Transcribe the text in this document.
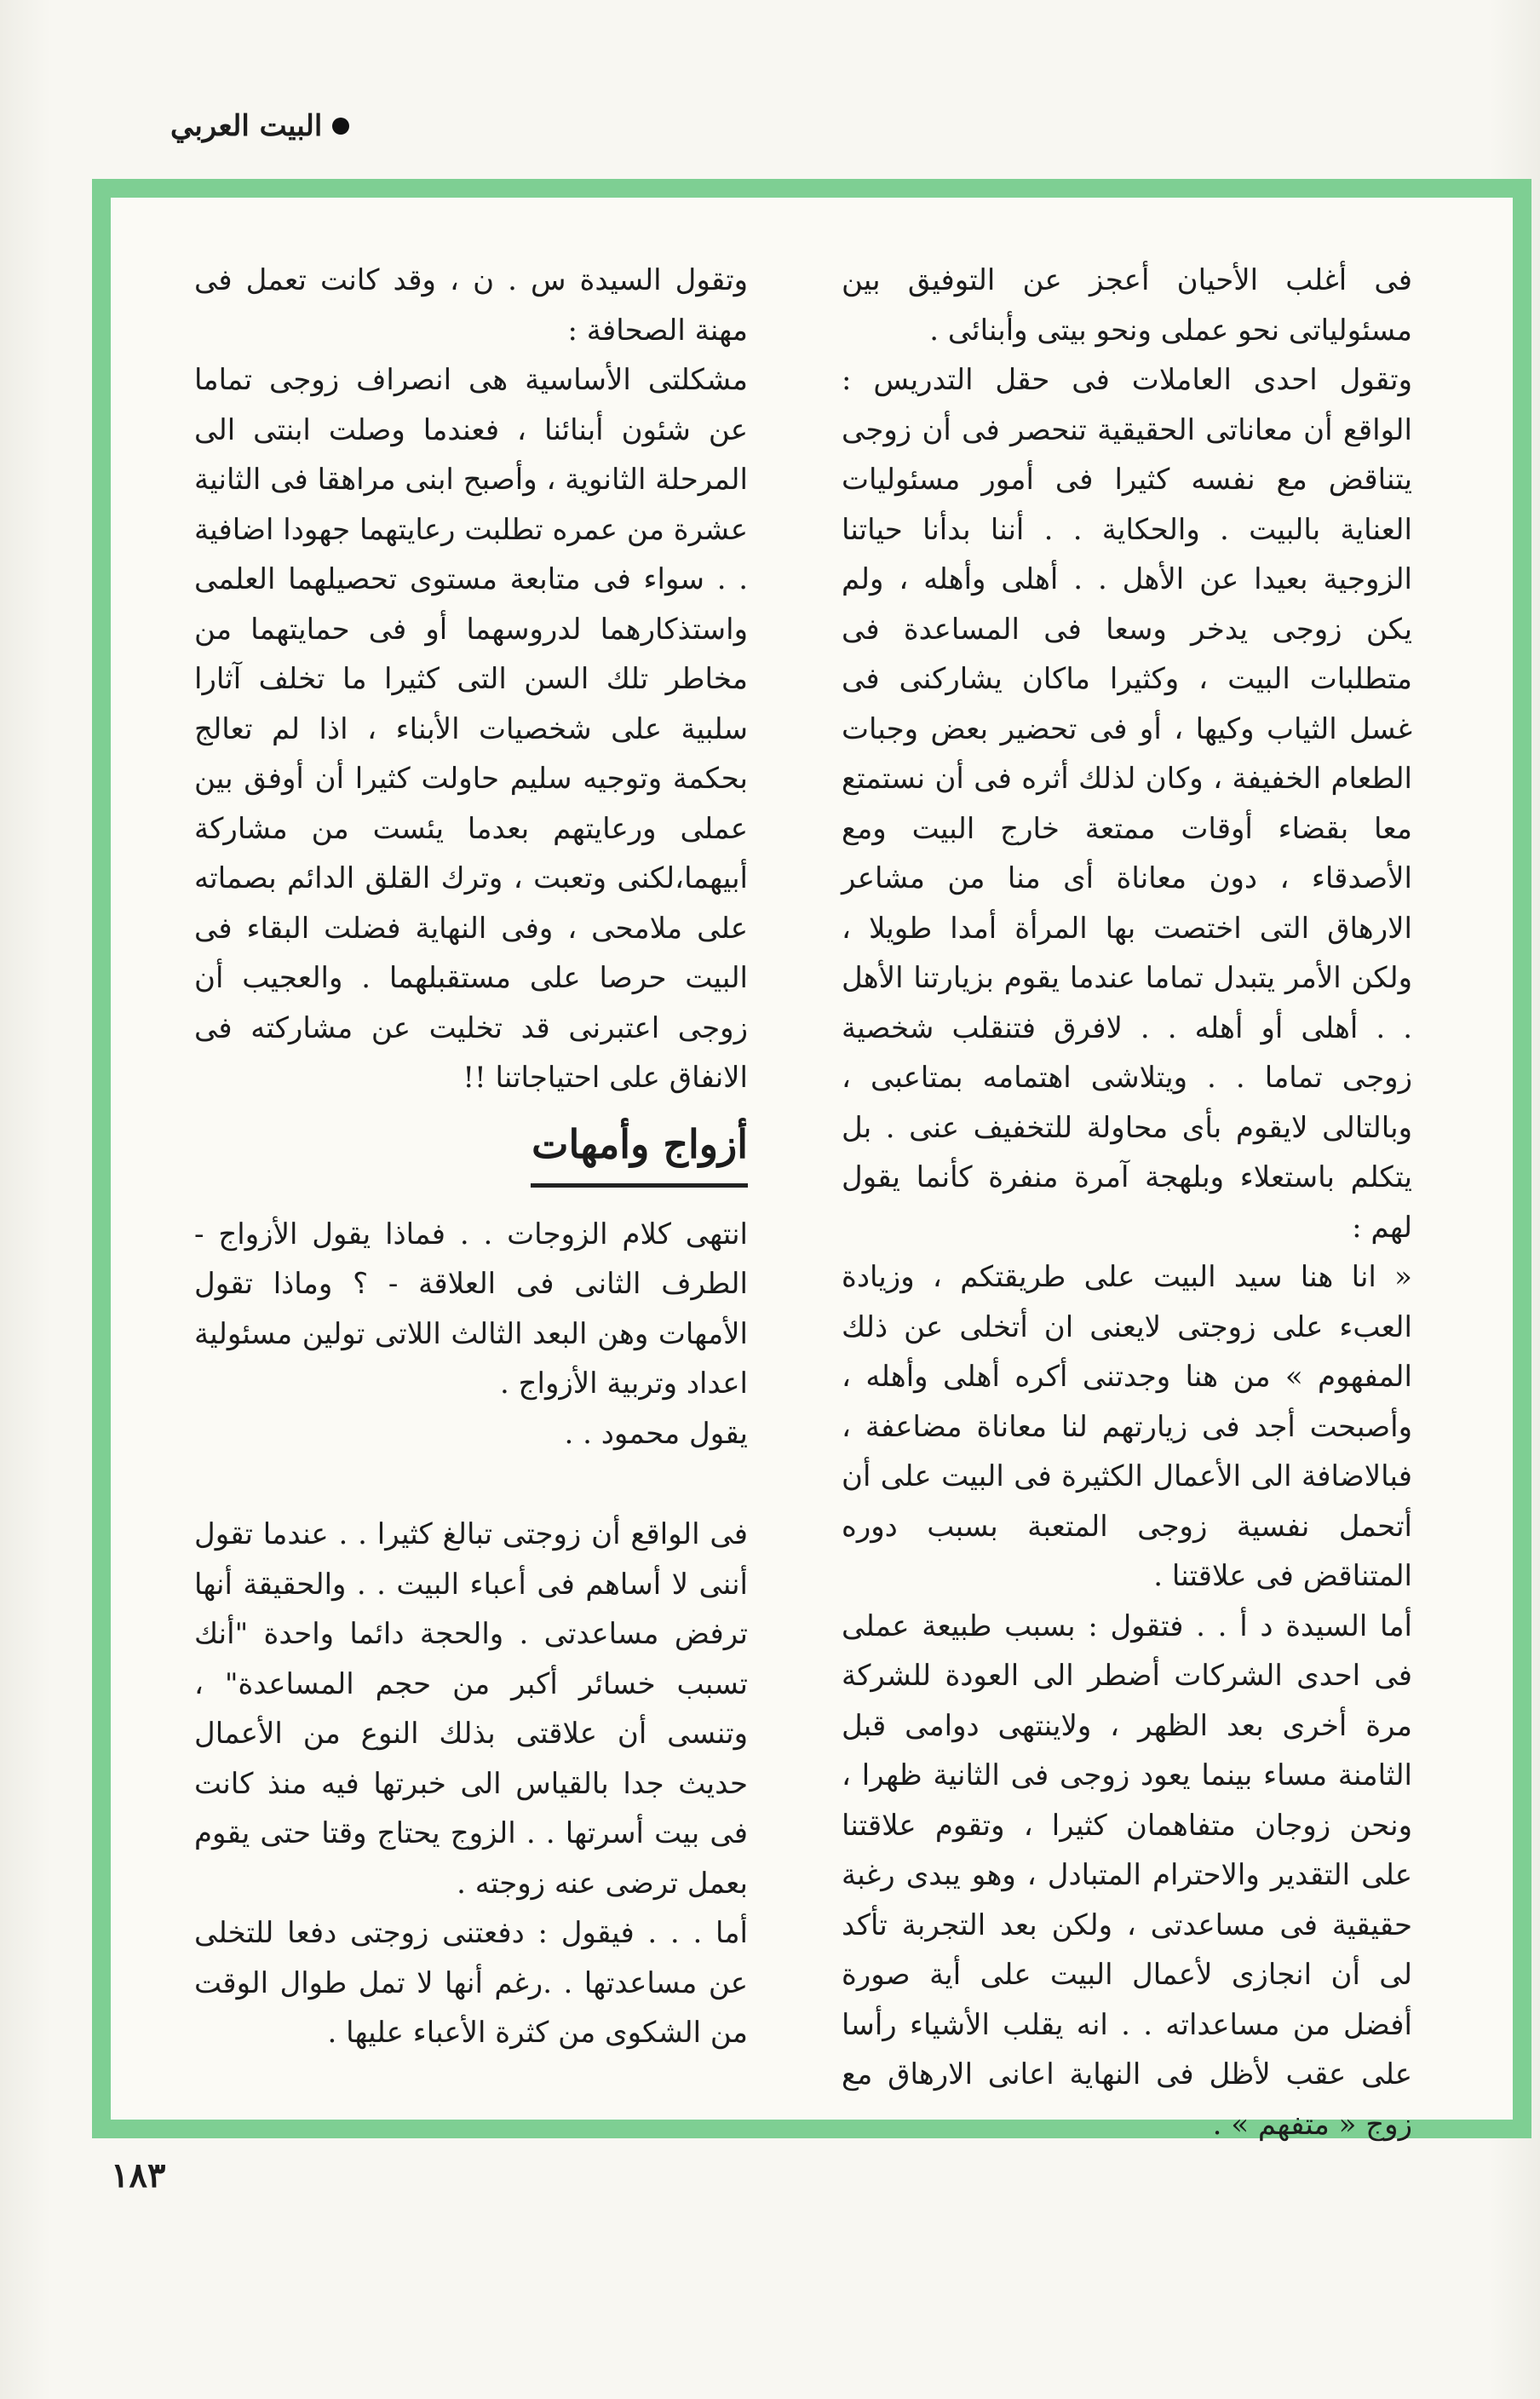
البيت العربي

فى أغلب الأحيان أعجز عن التوفيق بين مسئولياتى نحو عملى ونحو بيتى وأبنائى .

وتقول احدى العاملات فى حقل التدريس : الواقع أن معاناتى الحقيقية تنحصر فى أن زوجى يتناقض مع نفسه كثيرا فى أمور مسئوليات العناية بالبيت . والحكاية . . أننا بدأنا حياتنا الزوجية بعيدا عن الأهل . . أهلى وأهله ، ولم يكن زوجى يدخر وسعا فى المساعدة فى متطلبات البيت ، وكثيرا ماكان يشاركنى فى غسل الثياب وكيها ، أو فى تحضير بعض وجبات الطعام الخفيفة ، وكان لذلك أثره فى أن نستمتع معا بقضاء أوقات ممتعة خارج البيت ومع الأصدقاء ، دون معاناة أى منا من مشاعر الارهاق التى اختصت بها المرأة أمدا طويلا ، ولكن الأمر يتبدل تماما عندما يقوم بزيارتنا الأهل . . أهلى أو أهله . . لافرق فتنقلب شخصية زوجى تماما . . ويتلاشى اهتمامه بمتاعبى ، وبالتالى لايقوم بأى محاولة للتخفيف عنى . بل يتكلم باستعلاء وبلهجة آمرة منفرة كأنما يقول لهم :

« انا هنا سيد البيت على طريقتكم ، وزيادة العبء على زوجتى لايعنى ان أتخلى عن ذلك المفهوم » من هنا وجدتنى أكره أهلى وأهله ، وأصبحت أجد فى زيارتهم لنا معاناة مضاعفة ، فبالاضافة الى الأعمال الكثيرة فى البيت على أن أتحمل نفسية زوجى المتعبة بسبب دوره المتناقض فى علاقتنا .

أما السيدة د أ . . فتقول : بسبب طبيعة عملى فى احدى الشركات أضطر الى العودة للشركة مرة أخرى بعد الظهر ، ولاينتهى دوامى قبل الثامنة مساء بينما يعود زوجى فى الثانية ظهرا ، ونحن زوجان متفاهمان كثيرا ، وتقوم علاقتنا على التقدير والاحترام المتبادل ، وهو يبدى رغبة حقيقية فى مساعدتى ، ولكن بعد التجربة تأكد لى أن انجازى لأعمال البيت على أية صورة أفضل من مساعداته . . انه يقلب الأشياء رأسا على عقب لأظل فى النهاية اعانى الارهاق مع زوج « متفهم » .

وتقول السيدة س . ن ، وقد كانت تعمل فى مهنة الصحافة :

مشكلتى الأساسية هى انصراف زوجى تماما عن شئون أبنائنا ، فعندما وصلت ابنتى الى المرحلة الثانوية ، وأصبح ابنى مراهقا فى الثانية عشرة من عمره تطلبت رعايتهما جهودا اضافية . . سواء فى متابعة مستوى تحصيلهما العلمى واستذكارهما لدروسهما أو فى حمايتهما من مخاطر تلك السن التى كثيرا ما تخلف آثارا سلبية على شخصيات الأبناء ، اذا لم تعالج بحكمة وتوجيه سليم حاولت كثيرا أن أوفق بين عملى ورعايتهم بعدما يئست من مشاركة أبيهما،لكنى وتعبت ، وترك القلق الدائم بصماته على ملامحى ، وفى النهاية فضلت البقاء فى البيت حرصا على مستقبلهما . والعجيب أن زوجى اعتبرنى قد تخليت عن مشاركته فى الانفاق على احتياجاتنا !!

أزواج وأمهات

انتهى كلام الزوجات . . فماذا يقول الأزواج - الطرف الثانى فى العلاقة - ؟ وماذا تقول الأمهات وهن البعد الثالث اللاتى تولين مسئولية اعداد وتربية الأزواج .

يقول محمود . .

فى الواقع أن زوجتى تبالغ كثيرا . . عندما تقول أننى لا أساهم فى أعباء البيت . . والحقيقة أنها ترفض مساعدتى . والحجة دائما واحدة "أنك تسبب خسائر أكبر من حجم المساعدة" ، وتنسى أن علاقتى بذلك النوع من الأعمال حديث جدا بالقياس الى خبرتها فيه منذ كانت فى بيت أسرتها . . الزوج يحتاج وقتا حتى يقوم بعمل ترضى عنه زوجته .

أما . . . فيقول : دفعتنى زوجتى دفعا للتخلى عن مساعدتها . .رغم أنها لا تمل طوال الوقت من الشكوى من كثرة الأعباء عليها .

١٨٣
